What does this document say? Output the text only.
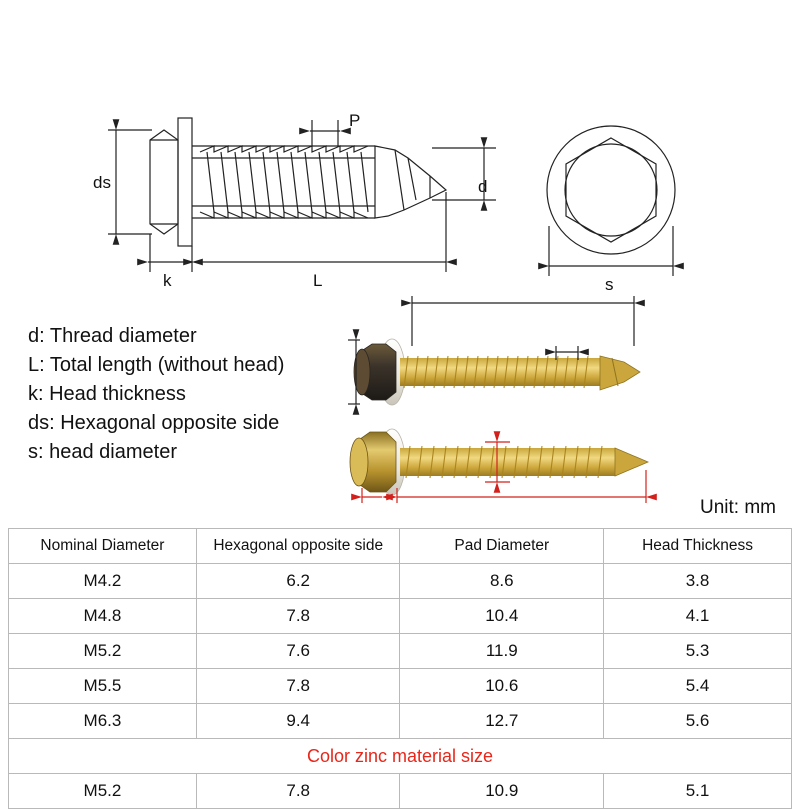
ds
k	L
P
d
s
d: Thread diameter
L: Total length (without head)
k: Head thickness
ds: Hexagonal opposite side
s: head diameter
Unit: mm
Nominal Diameter	Hexagonal opposite side	Pad Diameter	Head Thickness
M4.2	6.2	8.6	3.8
M4.8	7.8	10.4	4.1
M5.2	7.6	11.9	5.3
M5.5	7.8	10.6	5.4
M6.3	9.4	12.7	5.6
Color zinc material size			
M5.2	7.8	10.9	5.1
